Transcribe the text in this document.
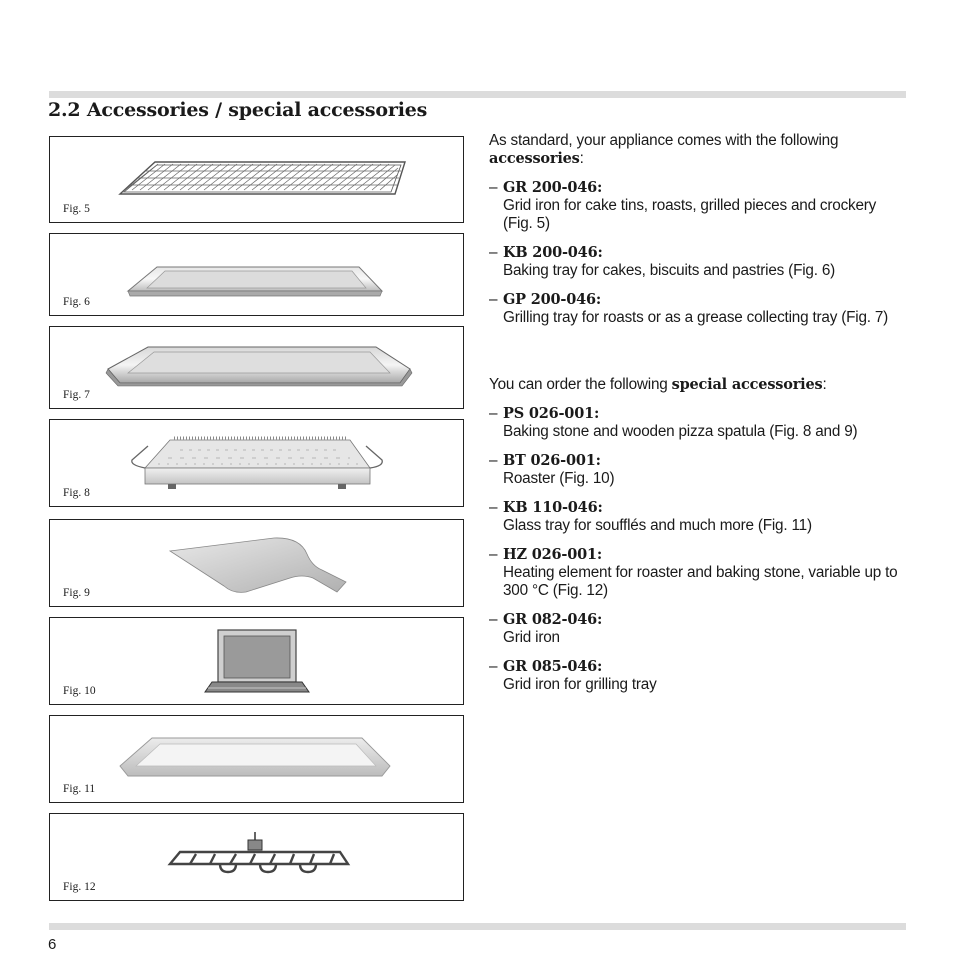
2.2 Accessories / special accessories
Fig. 5
Fig. 6
Fig. 7
Fig. 8
Fig. 9
Fig. 10
Fig. 11
Fig. 12

As standard, your appliance comes with the following accessories:

– GR 200-046:
Grid iron for cake tins, roasts, grilled pieces and crockery (Fig. 5)
– KB 200-046:
Baking tray for cakes, biscuits and pastries (Fig. 6)
– GP 200-046:
Grilling tray for roasts or as a grease collecting tray (Fig. 7)

You can order the following special accessories:

– PS 026-001:
Baking stone and wooden pizza spatula (Fig. 8 and 9)
– BT 026-001:
Roaster (Fig. 10)
– KB 110-046:
Glass tray for soufflés and much more (Fig. 11)
– HZ 026-001:
Heating element for roaster and baking stone, variable up to 300 °C (Fig. 12)
– GR 082-046:
Grid iron
– GR 085-046:
Grid iron for grilling tray
6
